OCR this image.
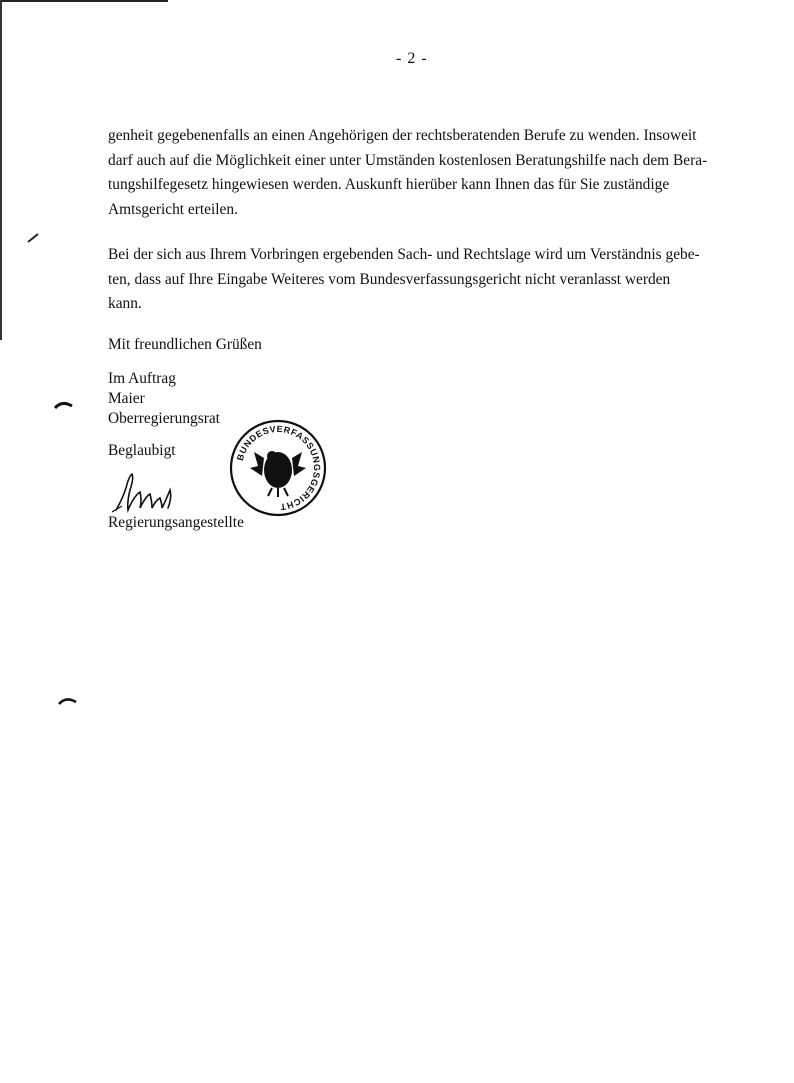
- 2 -
genheit gegebenenfalls an einen Angehörigen der rechtsberatenden Berufe zu wenden. Insoweit
darf auch auf die Möglichkeit einer unter Umständen kostenlosen Beratungshilfe nach dem Bera-
tungshilfegesetz hingewiesen werden. Auskunft hierüber kann Ihnen das für Sie zuständige
Amtsgericht erteilen.
Bei der sich aus Ihrem Vorbringen ergebenden Sach- und Rechtslage wird um Verständnis gebe-
ten, dass auf Ihre Eingabe Weiteres vom Bundesverfassungsgericht nicht veranlasst werden
kann.
Mit freundlichen Grüßen
Im Auftrag
Maier
Oberregierungsrat
Beglaubigt
Regierungsangestellte
BUNDESVERFASSUNGSGERICHT
